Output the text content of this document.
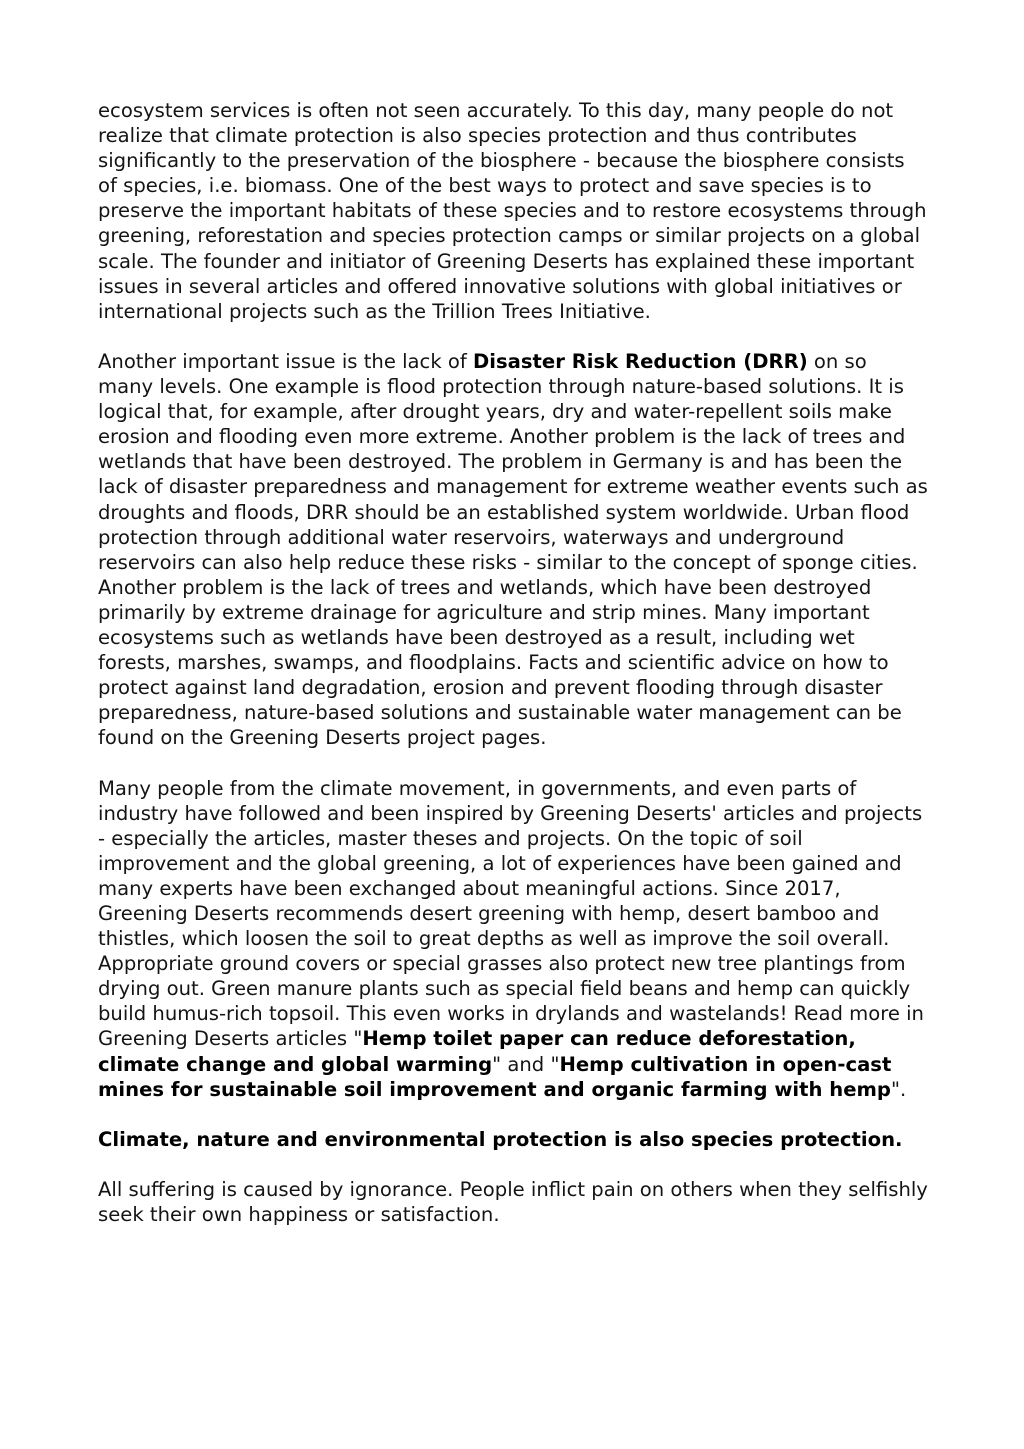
ecosystem services is often not seen accurately. To this day, many people do not realize that climate protection is also species protection and thus contributes significantly to the preservation of the biosphere - because the biosphere consists of species, i.e. biomass. One of the best ways to protect and save species is to preserve the important habitats of these species and to restore ecosystems through greening, reforestation and species protection camps or similar projects on a global scale. The founder and initiator of Greening Deserts has explained these important issues in several articles and offered innovative solutions with global initiatives or international projects such as the Trillion Trees Initiative.

Another important issue is the lack of Disaster Risk Reduction (DRR) on so many levels. One example is flood protection through nature-based solutions. It is logical that, for example, after drought years, dry and water-repellent soils make erosion and flooding even more extreme. Another problem is the lack of trees and wetlands that have been destroyed. The problem in Germany is and has been the lack of disaster preparedness and management for extreme weather events such as droughts and floods, DRR should be an established system worldwide. Urban flood protection through additional water reservoirs, waterways and underground reservoirs can also help reduce these risks - similar to the concept of sponge cities. Another problem is the lack of trees and wetlands, which have been destroyed primarily by extreme drainage for agriculture and strip mines. Many important ecosystems such as wetlands have been destroyed as a result, including wet forests, marshes, swamps, and floodplains. Facts and scientific advice on how to protect against land degradation, erosion and prevent flooding through disaster preparedness, nature-based solutions and sustainable water management can be found on the Greening Deserts project pages.

Many people from the climate movement, in governments, and even parts of industry have followed and been inspired by Greening Deserts' articles and projects - especially the articles, master theses and projects. On the topic of soil improvement and the global greening, a lot of experiences have been gained and many experts have been exchanged about meaningful actions. Since 2017, Greening Deserts recommends desert greening with hemp, desert bamboo and thistles, which loosen the soil to great depths as well as improve the soil overall. Appropriate ground covers or special grasses also protect new tree plantings from drying out. Green manure plants such as special field beans and hemp can quickly build humus-rich topsoil. This even works in drylands and wastelands! Read more in Greening Deserts articles "Hemp toilet paper can reduce deforestation, climate change and global warming" and "Hemp cultivation in open-cast mines for sustainable soil improvement and organic farming with hemp".

Climate, nature and environmental protection is also species protection.

All suffering is caused by ignorance. People inflict pain on others when they selfishly seek their own happiness or satisfaction.
